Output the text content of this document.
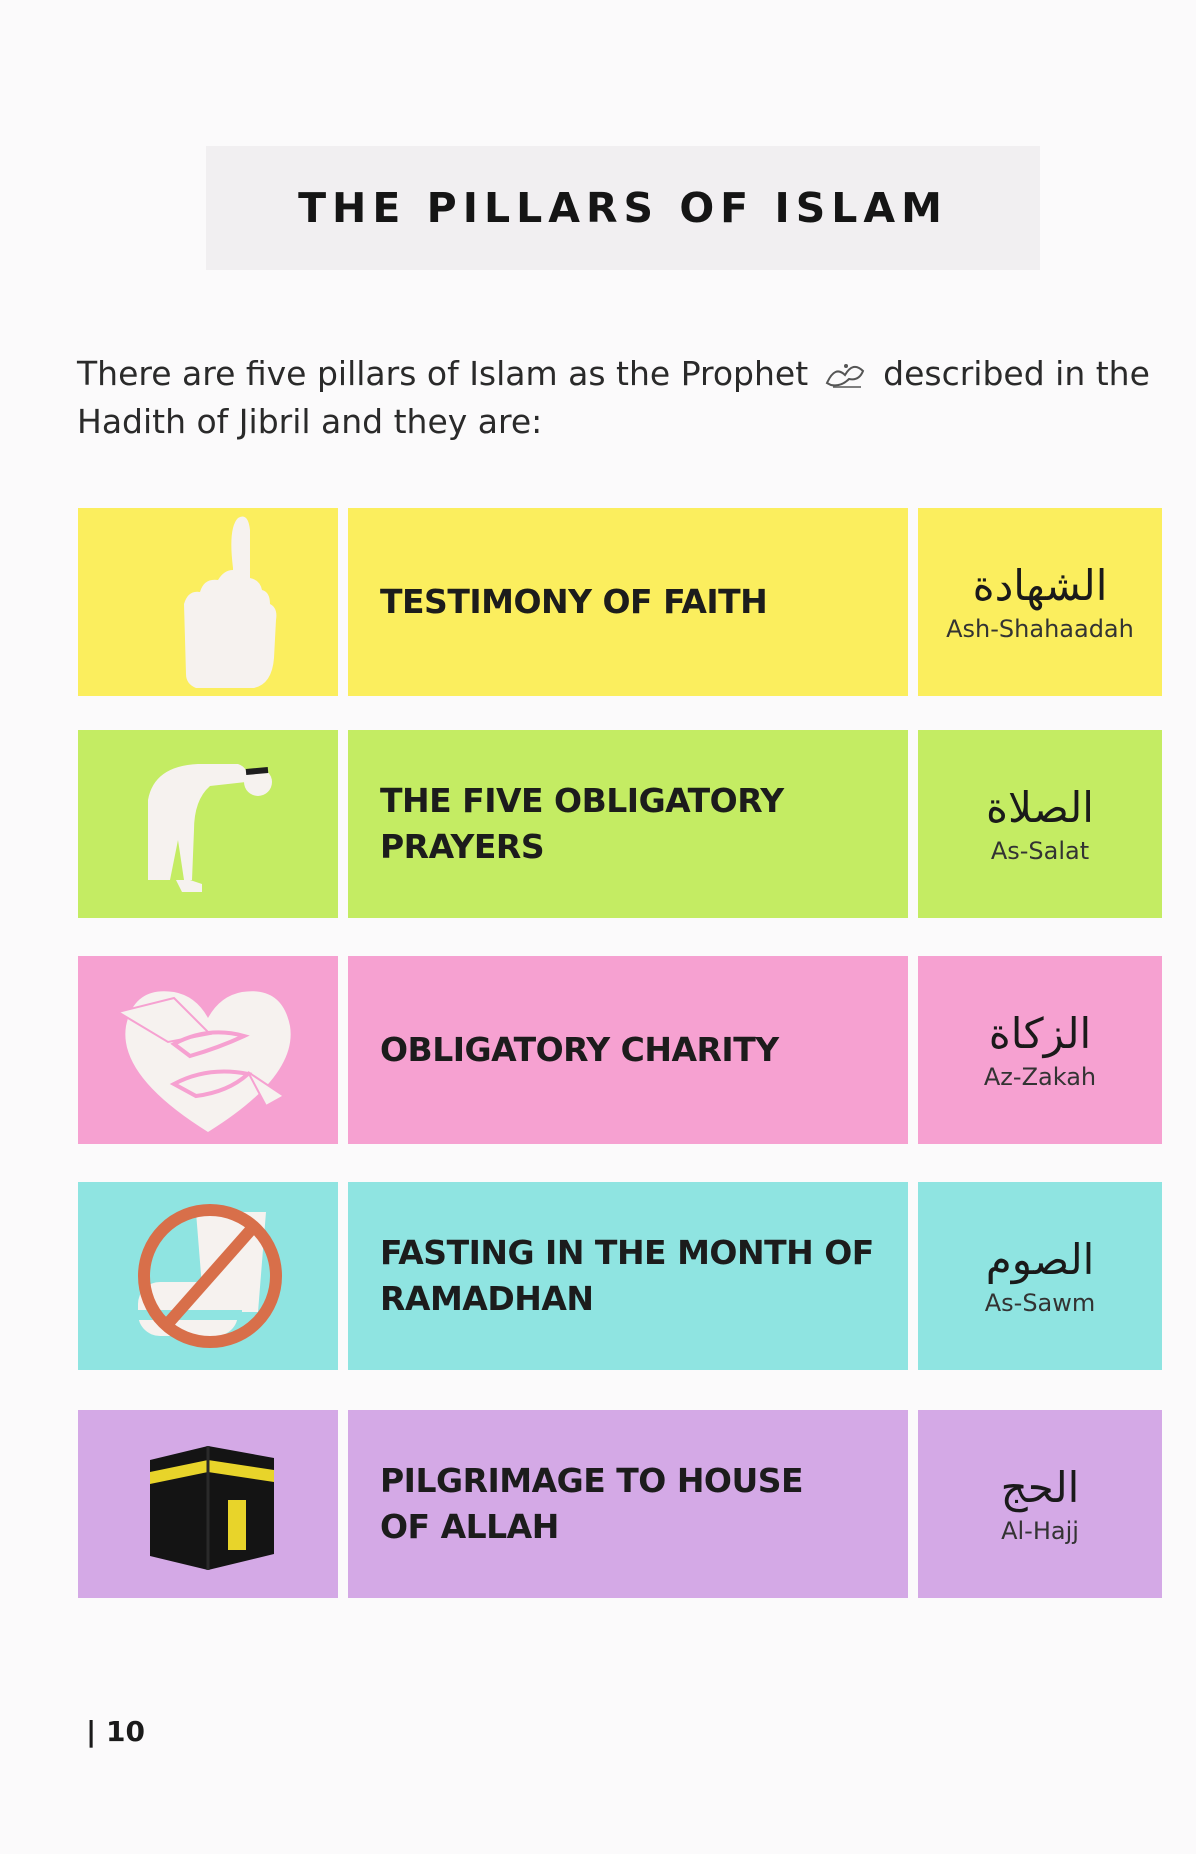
THE PILLARS OF ISLAM
There are five pillars of Islam as the Prophet described in the Hadith of Jibril and they are:
TESTIMONY OF FAITH	الشهادة
Ash-Shahaadah
THE FIVE OBLIGATORY PRAYERS
الصلاة
As-Salat
OBLIGATORY CHARITY	الزكاة
Az-Zakah
FASTING IN THE MONTH OF RAMADHAN
الصوم
As-Sawm
PILGRIMAGE TO HOUSE OF ALLAH
الحج
Al-Hajj
| 10
